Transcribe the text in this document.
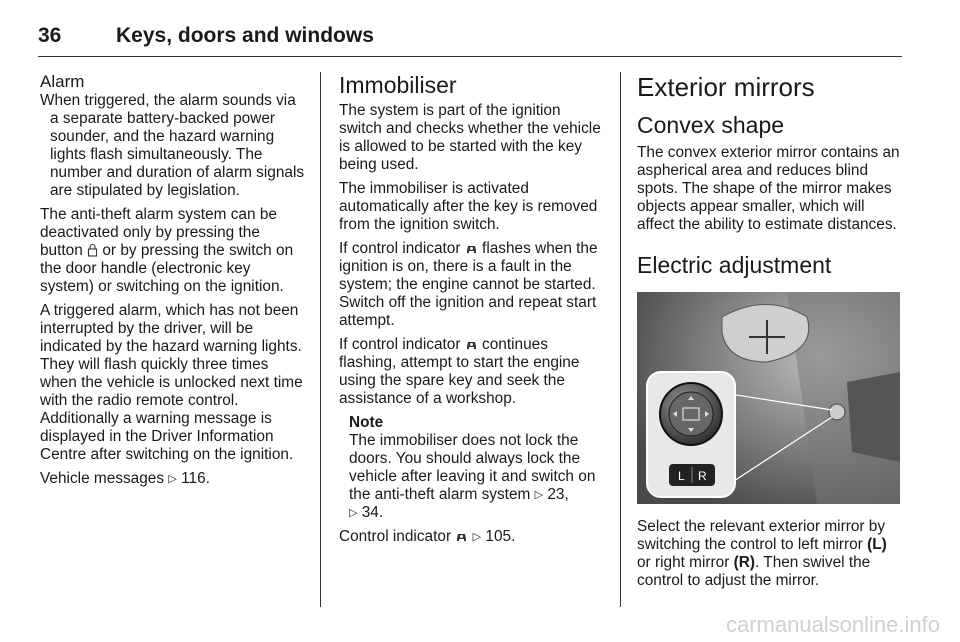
36	Keys, doors and windows
Alarm

When triggered, the alarm sounds via a separate battery-backed power sounder, and the hazard warning lights flash simultaneously. The number and duration of alarm signals are stipulated by legislation.

The anti-theft alarm system can be deactivated only by pressing the button or by pressing the switch on the door handle (electronic key system) or switching on the ignition.

A triggered alarm, which has not been interrupted by the driver, will be indicated by the hazard warning lights. They will flash quickly three times when the vehicle is unlocked next time with the radio remote control. Additionally a warning message is displayed in the Driver Information Centre after switching on the ignition.

Vehicle messages ▷ 116.

Immobiliser

The system is part of the ignition switch and checks whether the vehicle is allowed to be started with the key being used.

The immobiliser is activated automatically after the key is removed from the ignition switch.

If control indicator flashes when the ignition is on, there is a fault in the system; the engine cannot be started. Switch off the ignition and repeat start attempt.

If control indicator continues flashing, attempt to start the engine using the spare key and seek the assistance of a workshop.

Note
The immobiliser does not lock the doors. You should always lock the vehicle after leaving it and switch on the anti-theft alarm system ▷ 23,
▷ 34.

Control indicator ▷ 105.

Exterior mirrors
Convex shape

The convex exterior mirror contains an aspherical area and reduces blind spots. The shape of the mirror makes objects appear smaller, which will affect the ability to estimate distances.

Electric adjustment
L R

Select the relevant exterior mirror by switching the control to left mirror (L) or right mirror (R). Then swivel the control to adjust the mirror.

carmanualsonline.info
